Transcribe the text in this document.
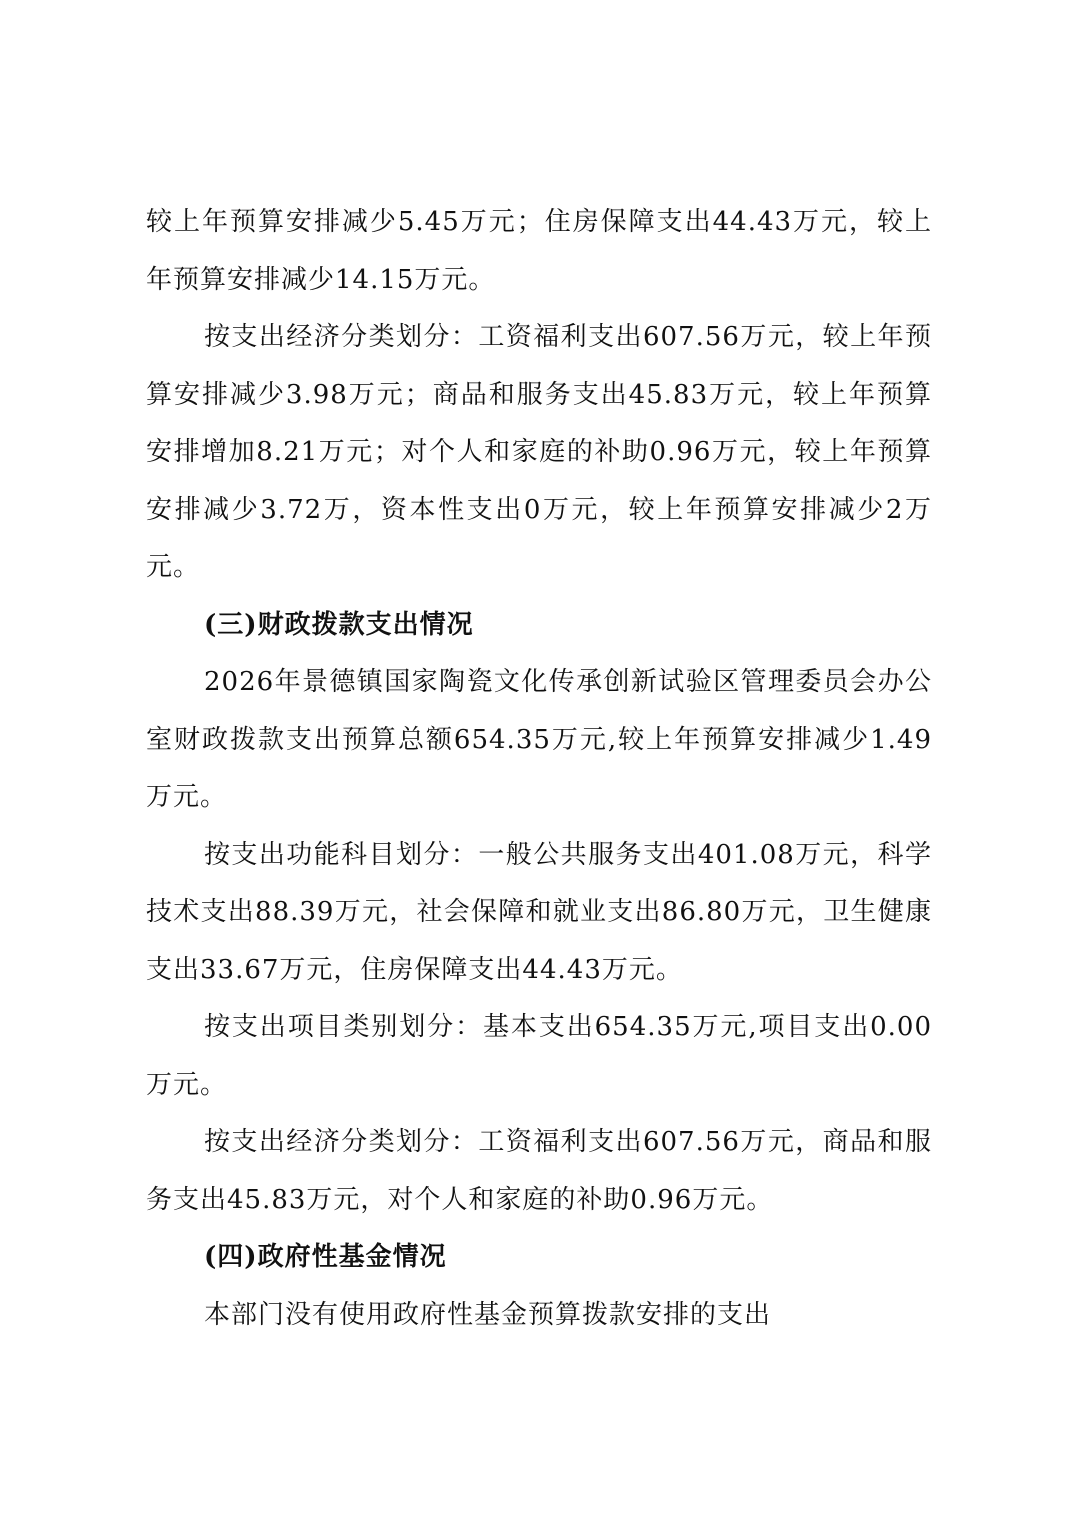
较上年预算安排减少5.45万元；住房保障支出44.43万元，较上年预算安排减少14.15万元。

按支出经济分类划分：工资福利支出607.56万元，较上年预算安排减少3.98万元；商品和服务支出45.83万元，较上年预算安排增加8.21万元；对个人和家庭的补助0.96万元，较上年预算安排减少3.72万，资本性支出0万元，较上年预算安排减少2万元。

(三)财政拨款支出情况

2026年景德镇国家陶瓷文化传承创新试验区管理委员会办公室财政拨款支出预算总额654.35万元,较上年预算安排减少1.49万元。

按支出功能科目划分：一般公共服务支出401.08万元，科学技术支出88.39万元，社会保障和就业支出86.80万元，卫生健康支出33.67万元，住房保障支出44.43万元。

按支出项目类别划分：基本支出654.35万元,项目支出0.00万元。

按支出经济分类划分：工资福利支出607.56万元，商品和服务支出45.83万元，对个人和家庭的补助0.96万元。

(四)政府性基金情况

本部门没有使用政府性基金预算拨款安排的支出
